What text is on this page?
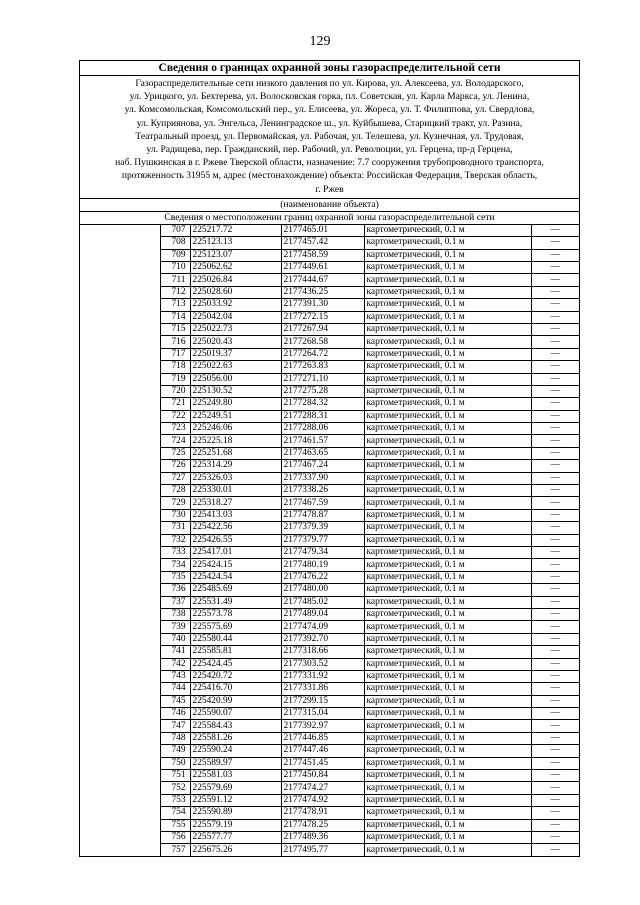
129
Сведения о границах охранной зоны газораспределительной сети
Газораспределительные сети низкого давления по ул. Кирова, ул. Алексеева, ул. Володарского,
ул. Урицкого, ул. Бехтерева, ул. Волосковская горка, пл. Советская, ул. Карла Маркса, ул. Ленина,
ул. Комсомольская, Комсомольский пер., ул. Елисеева, ул. Жореса, ул. Т. Филиппова, ул. Свердлова,
ул. Куприянова, ул. Энгельса, Ленинградское ш., ул. Куйбышева, Старицкий тракт, ул. Разина,
Театральный проезд, ул. Первомайская, ул. Рабочая, ул. Телешева, ул. Кузнечная, ул. Трудовая,
ул. Радищева, пер. Гражданский, пер. Рабочий, ул. Революции, ул. Герцена, пр-д Герцена,
наб. Пушкинская в г. Ржеве Тверской области, назначение: 7.7 сооружения трубопроводного транспорта,
протяженность 31955 м, адрес (местонахождение) объекта: Российская Федерация, Тверская область,
г. Ржев
(наименование объекта)
Сведения о местоположении границ охранной зоны газораспределительной сети
	707	225217.72	2177465.01	картометрический, 0.1 м	—
	708	225123.13	2177457.42	картометрический, 0.1 м	—
	709	225123.07	2177458.59	картометрический, 0.1 м	—
	710	225062.62	2177449.61	картометрический, 0.1 м	—
	711	225026.84	2177444.67	картометрический, 0.1 м	—
	712	225028.60	2177436.25	картометрический, 0.1 м	—
	713	225033.92	2177391.30	картометрический, 0.1 м	—
	714	225042.04	2177272.15	картометрический, 0.1 м	—
	715	225022.73	2177267.94	картометрический, 0.1 м	—
	716	225020.43	2177268.58	картометрический, 0.1 м	—
	717	225019.37	2177264.72	картометрический, 0.1 м	—
	718	225022.63	2177263.83	картометрический, 0.1 м	—
	719	225056.00	2177271.10	картометрический, 0.1 м	—
	720	225130.52	2177275.28	картометрический, 0.1 м	—
	721	225249.80	2177284.32	картометрический, 0.1 м	—
	722	225249.51	2177288.31	картометрический, 0.1 м	—
	723	225246.06	2177288.06	картометрический, 0.1 м	—
	724	225225.18	2177461.57	картометрический, 0.1 м	—
	725	225251.68	2177463.65	картометрический, 0.1 м	—
	726	225314.29	2177467.24	картометрический, 0.1 м	—
	727	225326.03	2177337.90	картометрический, 0.1 м	—
	728	225330.01	2177338.26	картометрический, 0.1 м	—
	729	225318.27	2177467.59	картометрический, 0.1 м	—
	730	225413.03	2177478.87	картометрический, 0.1 м	—
	731	225422.56	2177379.39	картометрический, 0.1 м	—
	732	225426.55	2177379.77	картометрический, 0.1 м	—
	733	225417.01	2177479.34	картометрический, 0.1 м	—
	734	225424.15	2177480.19	картометрический, 0.1 м	—
	735	225424.54	2177476.22	картометрический, 0.1 м	—
	736	225485.69	2177480.00	картометрический, 0.1 м	—
	737	225531.49	2177485.02	картометрический, 0.1 м	—
	738	225573.78	2177489.04	картометрический, 0.1 м	—
	739	225575.69	2177474.09	картометрический, 0.1 м	—
	740	225580.44	2177392.70	картометрический, 0.1 м	—
	741	225585.81	2177318.66	картометрический, 0.1 м	—
	742	225424.45	2177303.52	картометрический, 0.1 м	—
	743	225420.72	2177331.92	картометрический, 0.1 м	—
	744	225416.70	2177331.86	картометрический, 0.1 м	—
	745	225420.99	2177299.15	картометрический, 0.1 м	—
	746	225590.07	2177315.04	картометрический, 0.1 м	—
	747	225584.43	2177392.97	картометрический, 0.1 м	—
	748	225581.26	2177446.85	картометрический, 0.1 м	—
	749	225590.24	2177447.46	картометрический, 0.1 м	—
	750	225589.97	2177451.45	картометрический, 0.1 м	—
	751	225581.03	2177450.84	картометрический, 0.1 м	—
	752	225579.69	2177474.27	картометрический, 0.1 м	—
	753	225591.12	2177474.92	картометрический, 0.1 м	—
	754	225590.89	2177478.91	картометрический, 0.1 м	—
	755	225579.19	2177478.25	картометрический, 0.1 м	—
	756	225577.77	2177489.36	картометрический, 0.1 м	—
	757	225675.26	2177495.77	картометрический, 0.1 м	—
